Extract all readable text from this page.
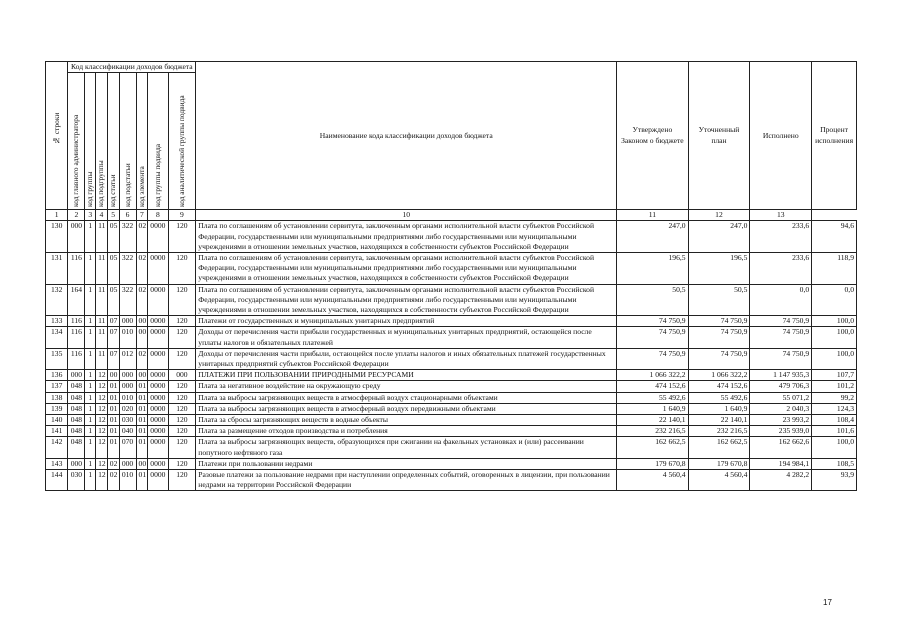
№ строки	Код классификации доходов бюджета								Наименование кода классификации доходов бюджета	Утверждено Законом о бюджете	Уточненный план	Исполнено	Процент исполнения

	код главного администратора	код группы	код подгруппы	код статьи	код подстатьи	код элемента	код группы подвида	код аналитической группы подвида					

1	2	3	4	5	6	7	8	9	10	11	12	13	
130	000	1	11	05	322	02	0000	120	Плата по соглашениям об установлении сервитута, заключенным органами исполнительной власти субъектов Российской Федерации, государственными или муниципальными предприятиями либо государственными или муниципальными учреждениями в отношении земельных участков, находящихся в собственности субъектов Российской Федерации	247,0	247,0	233,6	94,6
131	116	1	11	05	322	02	0000	120	Плата по соглашениям об установлении сервитута, заключенным органами исполнительной власти субъектов Российской Федерации, государственными или муниципальными предприятиями либо государственными или муниципальными учреждениями в отношении земельных участков, находящихся в собственности субъектов Российской Федерации	196,5	196,5	233,6	118,9
132	164	1	11	05	322	02	0000	120	Плата по соглашениям об установлении сервитута, заключенным органами исполнительной власти субъектов Российской Федерации, государственными или муниципальными предприятиями либо государственными или муниципальными учреждениями в отношении земельных участков, находящихся в собственности субъектов Российской Федерации	50,5	50,5	0,0	0,0
133	116	1	11	07	000	00	0000	120	Платежи от государственных и муниципальных унитарных предприятий	74 750,9	74 750,9	74 750,9	100,0
134	116	1	11	07	010	00	0000	120	Доходы от перечисления части прибыли государственных и муниципальных унитарных предприятий, остающейся после уплаты налогов и обязательных платежей	74 750,9	74 750,9	74 750,9	100,0
135	116	1	11	07	012	02	0000	120	Доходы от перечисления части прибыли, остающейся после уплаты налогов и иных обязательных платежей государственных унитарных предприятий субъектов Российской Федерации	74 750,9	74 750,9	74 750,9	100,0
136	000	1	12	00	000	00	0000	000	ПЛАТЕЖИ ПРИ ПОЛЬЗОВАНИИ ПРИРОДНЫМИ РЕСУРСАМИ	1 066 322,2	1 066 322,2	1 147 935,3	107,7
137	048	1	12	01	000	01	0000	120	Плата за негативное воздействие на окружающую среду	474 152,6	474 152,6	479 706,3	101,2
138	048	1	12	01	010	01	0000	120	Плата за выбросы загрязняющих веществ в атмосферный воздух стационарными объектами	55 492,6	55 492,6	55 071,2	99,2
139	048	1	12	01	020	01	0000	120	Плата за выбросы загрязняющих веществ в атмосферный воздух передвижными объектами	1 640,9	1 640,9	2 040,3	124,3
140	048	1	12	01	030	01	0000	120	Плата за сбросы загрязняющих веществ в водные объекты	22 140,1	22 140,1	23 993,2	108,4
141	048	1	12	01	040	01	0000	120	Плата за размещение отходов производства и потребления	232 216,5	232 216,5	235 939,0	101,6
142	048	1	12	01	070	01	0000	120	Плата за выбросы загрязняющих веществ, образующихся при сжигании на факельных установках и (или) рассеивании попутного нефтяного газа	162 662,5	162 662,5	162 662,6	100,0
143	000	1	12	02	000	00	0000	120	Платежи при пользовании недрами	179 670,8	179 670,8	194 984,1	108,5
144	030	1	12	02	010	01	0000	120	Разовые платежи за пользование недрами при наступлении определенных событий, оговоренных в лицензии, при пользовании недрами на территории Российской Федерации	4 560,4	4 560,4	4 282,2	93,9
17
